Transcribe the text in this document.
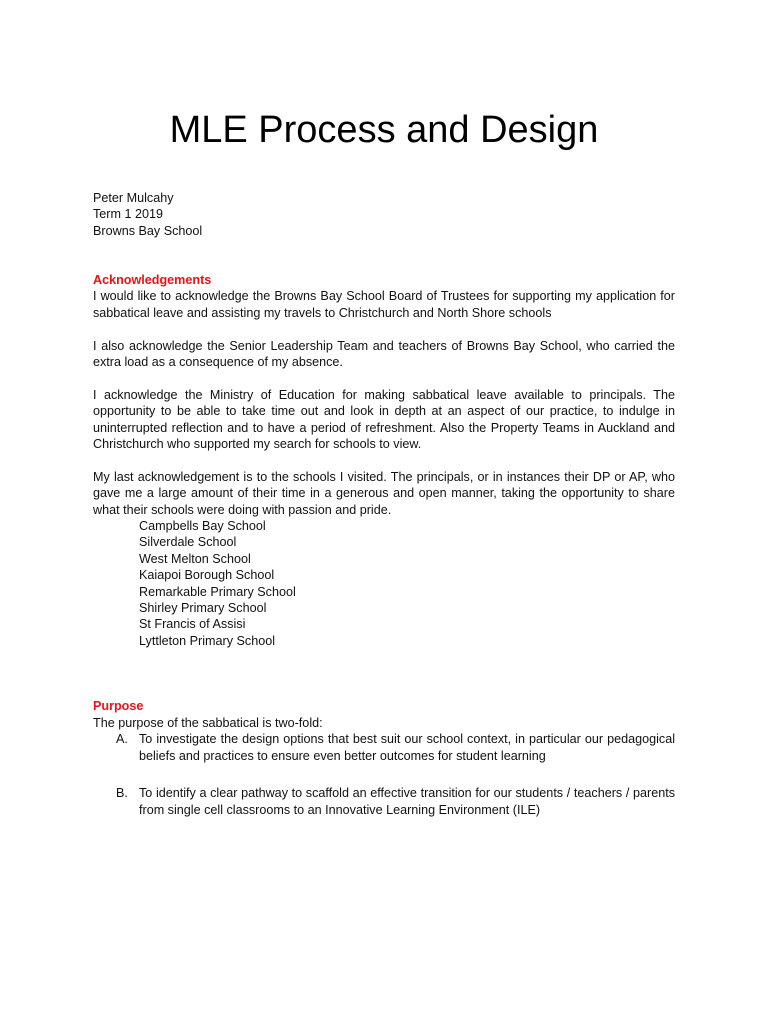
MLE Process and Design
Peter Mulcahy
Term 1 2019
Browns Bay School

Acknowledgements

I would like to acknowledge the Browns Bay School Board of Trustees for supporting my application for sabbatical leave and assisting my travels to Christchurch and North Shore schools

I also acknowledge the Senior Leadership Team and teachers of Browns Bay School, who carried the extra load as a consequence of my absence.

I acknowledge the Ministry of Education for making sabbatical leave available to principals. The opportunity to be able to take time out and look in depth at an aspect of our practice, to indulge in uninterrupted reflection and to have a period of refreshment. Also the Property Teams in Auckland and Christchurch who supported my search for schools to view.

My last acknowledgement is to the schools I visited. The principals, or in instances their DP or AP, who gave me a large amount of their time in a generous and open manner, taking the opportunity to share what their schools were doing with passion and pride.

Campbells Bay School
Silverdale School
West Melton School
Kaiapoi Borough School
Remarkable Primary School
Shirley Primary School
St Francis of Assisi
Lyttleton Primary School

Purpose

The purpose of the sabbatical is two-fold:

A. To investigate the design options that best suit our school context, in particular our pedagogical beliefs and practices to ensure even better outcomes for student learning
B. To identify a clear pathway to scaffold an effective transition for our students / teachers / parents from single cell classrooms to an Innovative Learning Environment (ILE)
